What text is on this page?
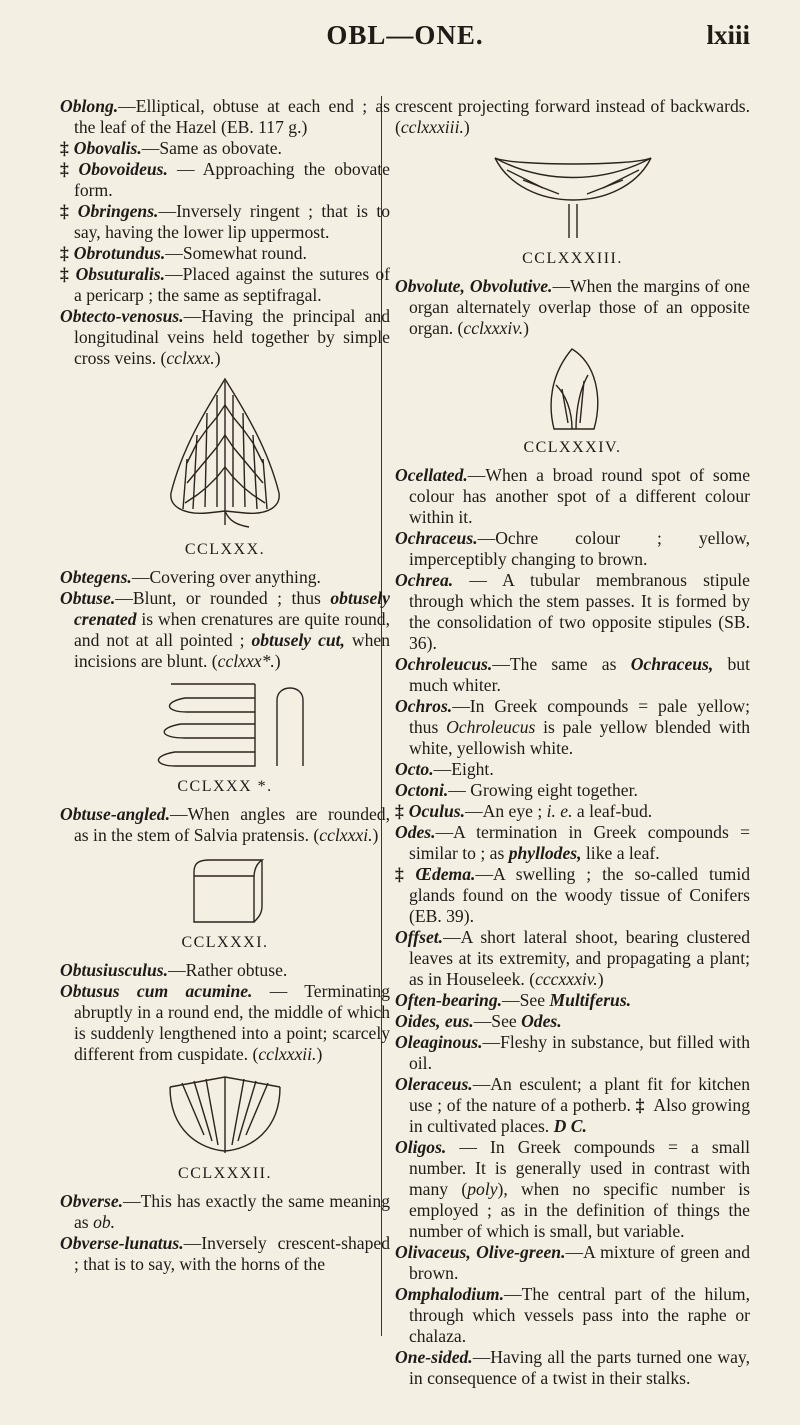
OBL—ONE.	lxiii

Oblong.—Elliptical, obtuse at each end ; as the leaf of the Hazel (EB. 117 g.)

‡ Obovalis.—Same as obovate.

‡ Obovoideus. — Approaching the obovate form.

‡ Obringens.—Inversely ringent ; that is to say, having the lower lip uppermost.

‡ Obrotundus.—Somewhat round.

‡ Obsuturalis.—Placed against the sutures of a pericarp ; the same as septifragal.

Obtecto-venosus.—Having the principal and longitudinal veins held together by simple cross veins. (cclxxx.)

CCLXXX.

Obtegens.—Covering over anything.

Obtuse.—Blunt, or rounded ; thus obtusely crenated is when crenatures are quite round, and not at all pointed ; obtusely cut, when incisions are blunt. (cclxxx*.)

CCLXXX *.

Obtuse-angled.—When angles are rounded, as in the stem of Salvia pratensis. (cclxxxi.)

CCLXXXI.

Obtusiusculus.—Rather obtuse.

Obtusus cum acumine. — Terminating abruptly in a round end, the middle of which is suddenly lengthened into a point; scarcely different from cuspidate. (cclxxxii.)

CCLXXXII.

Obverse.—This has exactly the same meaning as ob.

Obverse-lunatus.—Inversely crescent-shaped ; that is to say, with the horns of the

crescent projecting forward instead of backwards. (cclxxxiii.)

CCLXXXIII.

Obvolute, Obvolutive.—When the margins of one organ alternately overlap those of an opposite organ. (cclxxxiv.)

CCLXXXIV.

Ocellated.—When a broad round spot of some colour has another spot of a different colour within it.

Ochraceus.—Ochre colour ; yellow, imperceptibly changing to brown.

Ochrea. — A tubular membranous stipule through which the stem passes. It is formed by the consolidation of two opposite stipules (SB. 36).

Ochroleucus.—The same as Ochraceus, but much whiter.

Ochros.—In Greek compounds = pale yellow; thus Ochroleucus is pale yellow blended with white, yellowish white.

Octo.—Eight.

Octoni.— Growing eight together.

‡ Oculus.—An eye ; i. e. a leaf-bud.

Odes.—A termination in Greek compounds = similar to ; as phyllodes, like a leaf.

‡ Œdema.—A swelling ; the so-called tumid glands found on the woody tissue of Conifers (EB. 39).

Offset.—A short lateral shoot, bearing clustered leaves at its extremity, and propagating a plant; as in Houseleek. (cccxxxiv.)

Often-bearing.—See Multiferus.

Oides, eus.—See Odes.

Oleaginous.—Fleshy in substance, but filled with oil.

Oleraceus.—An esculent; a plant fit for kitchen use ; of the nature of a potherb. ‡ Also growing in cultivated places. D C.

Oligos. — In Greek compounds = a small number. It is generally used in contrast with many (poly), when no specific number is employed ; as in the definition of things the number of which is small, but variable.

Olivaceus, Olive-green.—A mixture of green and brown.

Omphalodium.—The central part of the hilum, through which vessels pass into the raphe or chalaza.

One-sided.—Having all the parts turned one way, in consequence of a twist in their stalks.
